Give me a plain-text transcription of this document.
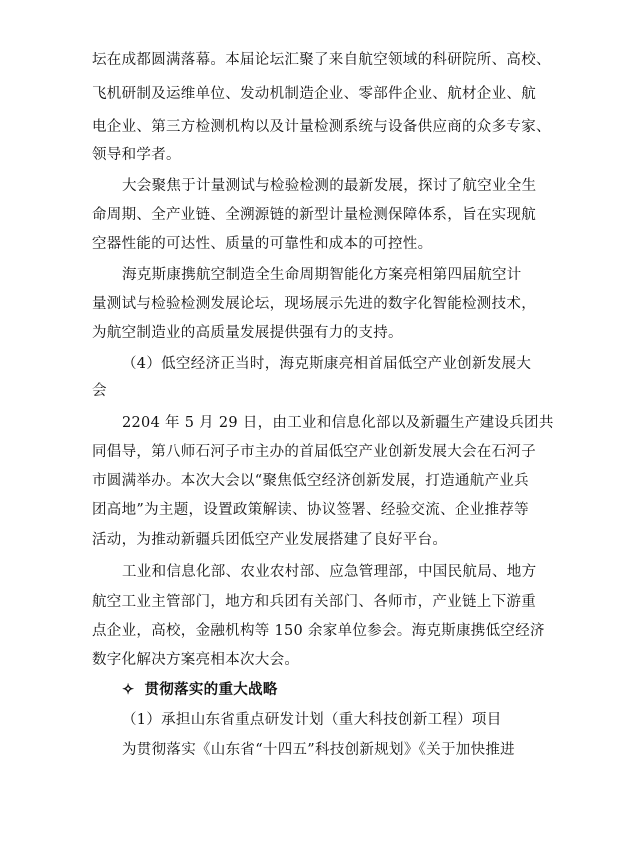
坛在成都圆满落幕。本届论坛汇聚了来自航空领域的科研院所、高校、
飞机研制及运维单位、发动机制造企业、零部件企业、航材企业、航
电企业、第三方检测机构以及计量检测系统与设备供应商的众多专家、
领导和学者。
大会聚焦于计量测试与检验检测的最新发展，探讨了航空业全生
命周期、全产业链、全溯源链的新型计量检测保障体系，旨在实现航
空器性能的可达性、质量的可靠性和成本的可控性。
海克斯康携航空制造全生命周期智能化方案亮相第四届航空计
量测试与检验检测发展论坛，现场展示先进的数字化智能检测技术，
为航空制造业的高质量发展提供强有力的支持。
（4）低空经济正当时，海克斯康亮相首届低空产业创新发展大
会
2204 年 5 月 29 日，由工业和信息化部以及新疆生产建设兵团共
同倡导，第八师石河子市主办的首届低空产业创新发展大会在石河子
市圆满举办。本次大会以“聚焦低空经济创新发展，打造通航产业兵
团高地”为主题，设置政策解读、协议签署、经验交流、企业推荐等
活动，为推动新疆兵团低空产业发展搭建了良好平台。
工业和信息化部、农业农村部、应急管理部，中国民航局、地方
航空工业主管部门，地方和兵团有关部门、各师市，产业链上下游重
点企业，高校，金融机构等 150 余家单位参会。海克斯康携低空经济
数字化解决方案亮相本次大会。
✧ 贯彻落实的重大战略
（1）承担山东省重点研发计划（重大科技创新工程）项目
为贯彻落实《山东省“十四五”科技创新规划》《关于加快推进
